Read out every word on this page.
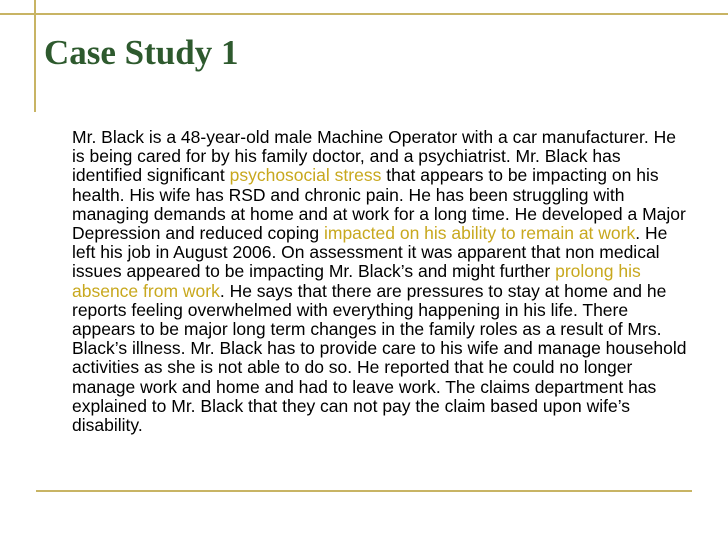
Case Study 1

Mr. Black is a 48-year-old male Machine Operator with a car manufacturer. He is being cared for by his family doctor, and a psychiatrist. Mr. Black has identified significant psychosocial stress that appears to be impacting on his health. His wife has RSD and chronic pain. He has been struggling with managing demands at home and at work for a long time. He developed a Major Depression and reduced coping impacted on his ability to remain at work. He left his job in August 2006. On assessment it was apparent that non medical issues appeared to be impacting Mr. Black’s and might further prolong his absence from work. He says that there are pressures to stay at home and he reports feeling overwhelmed with everything happening in his life. There appears to be major long term changes in the family roles as a result of Mrs. Black’s illness. Mr. Black has to provide care to his wife and manage household activities as she is not able to do so. He reported that he could no longer manage work and home and had to leave work. The claims department has explained to Mr. Black that they can not pay the claim based upon wife’s disability.
